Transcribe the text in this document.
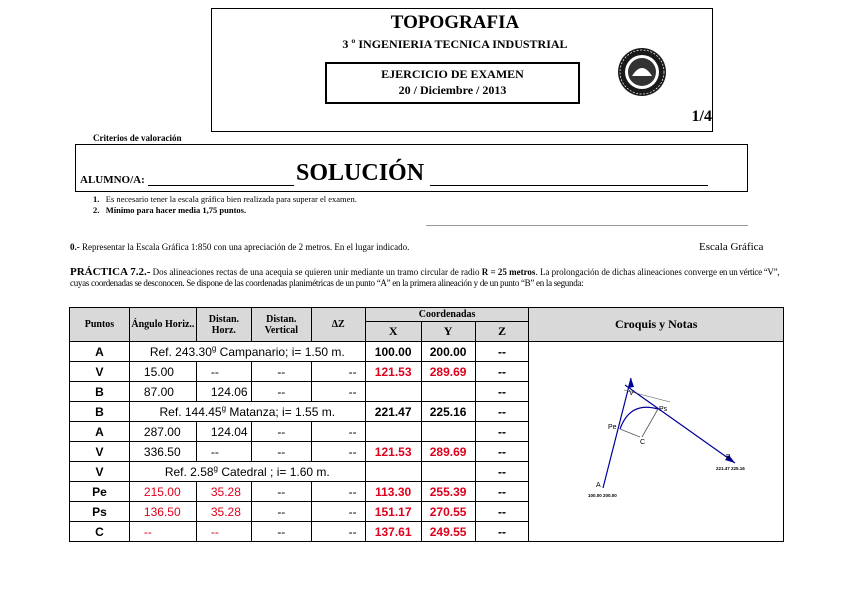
TOPOGRAFIA
3 º INGENIERIA TECNICA INDUSTRIAL
EJERCICIO DE EXAMEN
20 / Diciembre / 2013
1/4
Criterios de valoración
ALUMNO/A:	SOLUCIÓN
1. Es necesario tener la escala gráfica bien realizada para superar el examen.
2. Mínimo para hacer media 1,75 puntos.
0.- Representar la Escala Gráfica 1:850 con una apreciación de 2 metros. En el lugar indicado.	Escala Gráfica
PRÁCTICA 7.2.- Dos alineaciones rectas de una acequia se quieren unir mediante un tramo circular de radio R = 25 metros. La prolongación de dichas alineaciones converge en un vértice “V”, cuyas coordenadas se desconocen. Se dispone de las coordenadas planimétricas de un punto “A” en la primera alineación y de un punto “B” en la segunda:
Puntos	Ángulo Horiz..	Distan. Horz.	Distan. Vertical	ΔZ	Coordenadas			Croquis y Notas
					X	Y	Z	
A	Ref. 243.30$^g$ Campanario; i= 1.50 m.				100.00	200.00	--	
V	15.00	--	--	--	121.53	289.69	--	
B	87.00	124.06	--	--			--	
B	Ref. 144.45$^g$ Matanza; i= 1.55 m.				221.47	225.16	--	
A	287.00	124.04	--	--			--	
V	336.50	--	--	--	121.53	289.69	--	
V	Ref. 2.58$^g$ Catedral ; i= 1.60 m.						--	
Pe	215.00	35.28	--	--	113.30	255.39	--	
Ps	136.50	35.28	--	--	151.17	270.55	--	
C	--	--	--	--	137.61	249.55	--	
V
Ps
Pe
C
A
B
100.00 200.00
221.47 225.16
